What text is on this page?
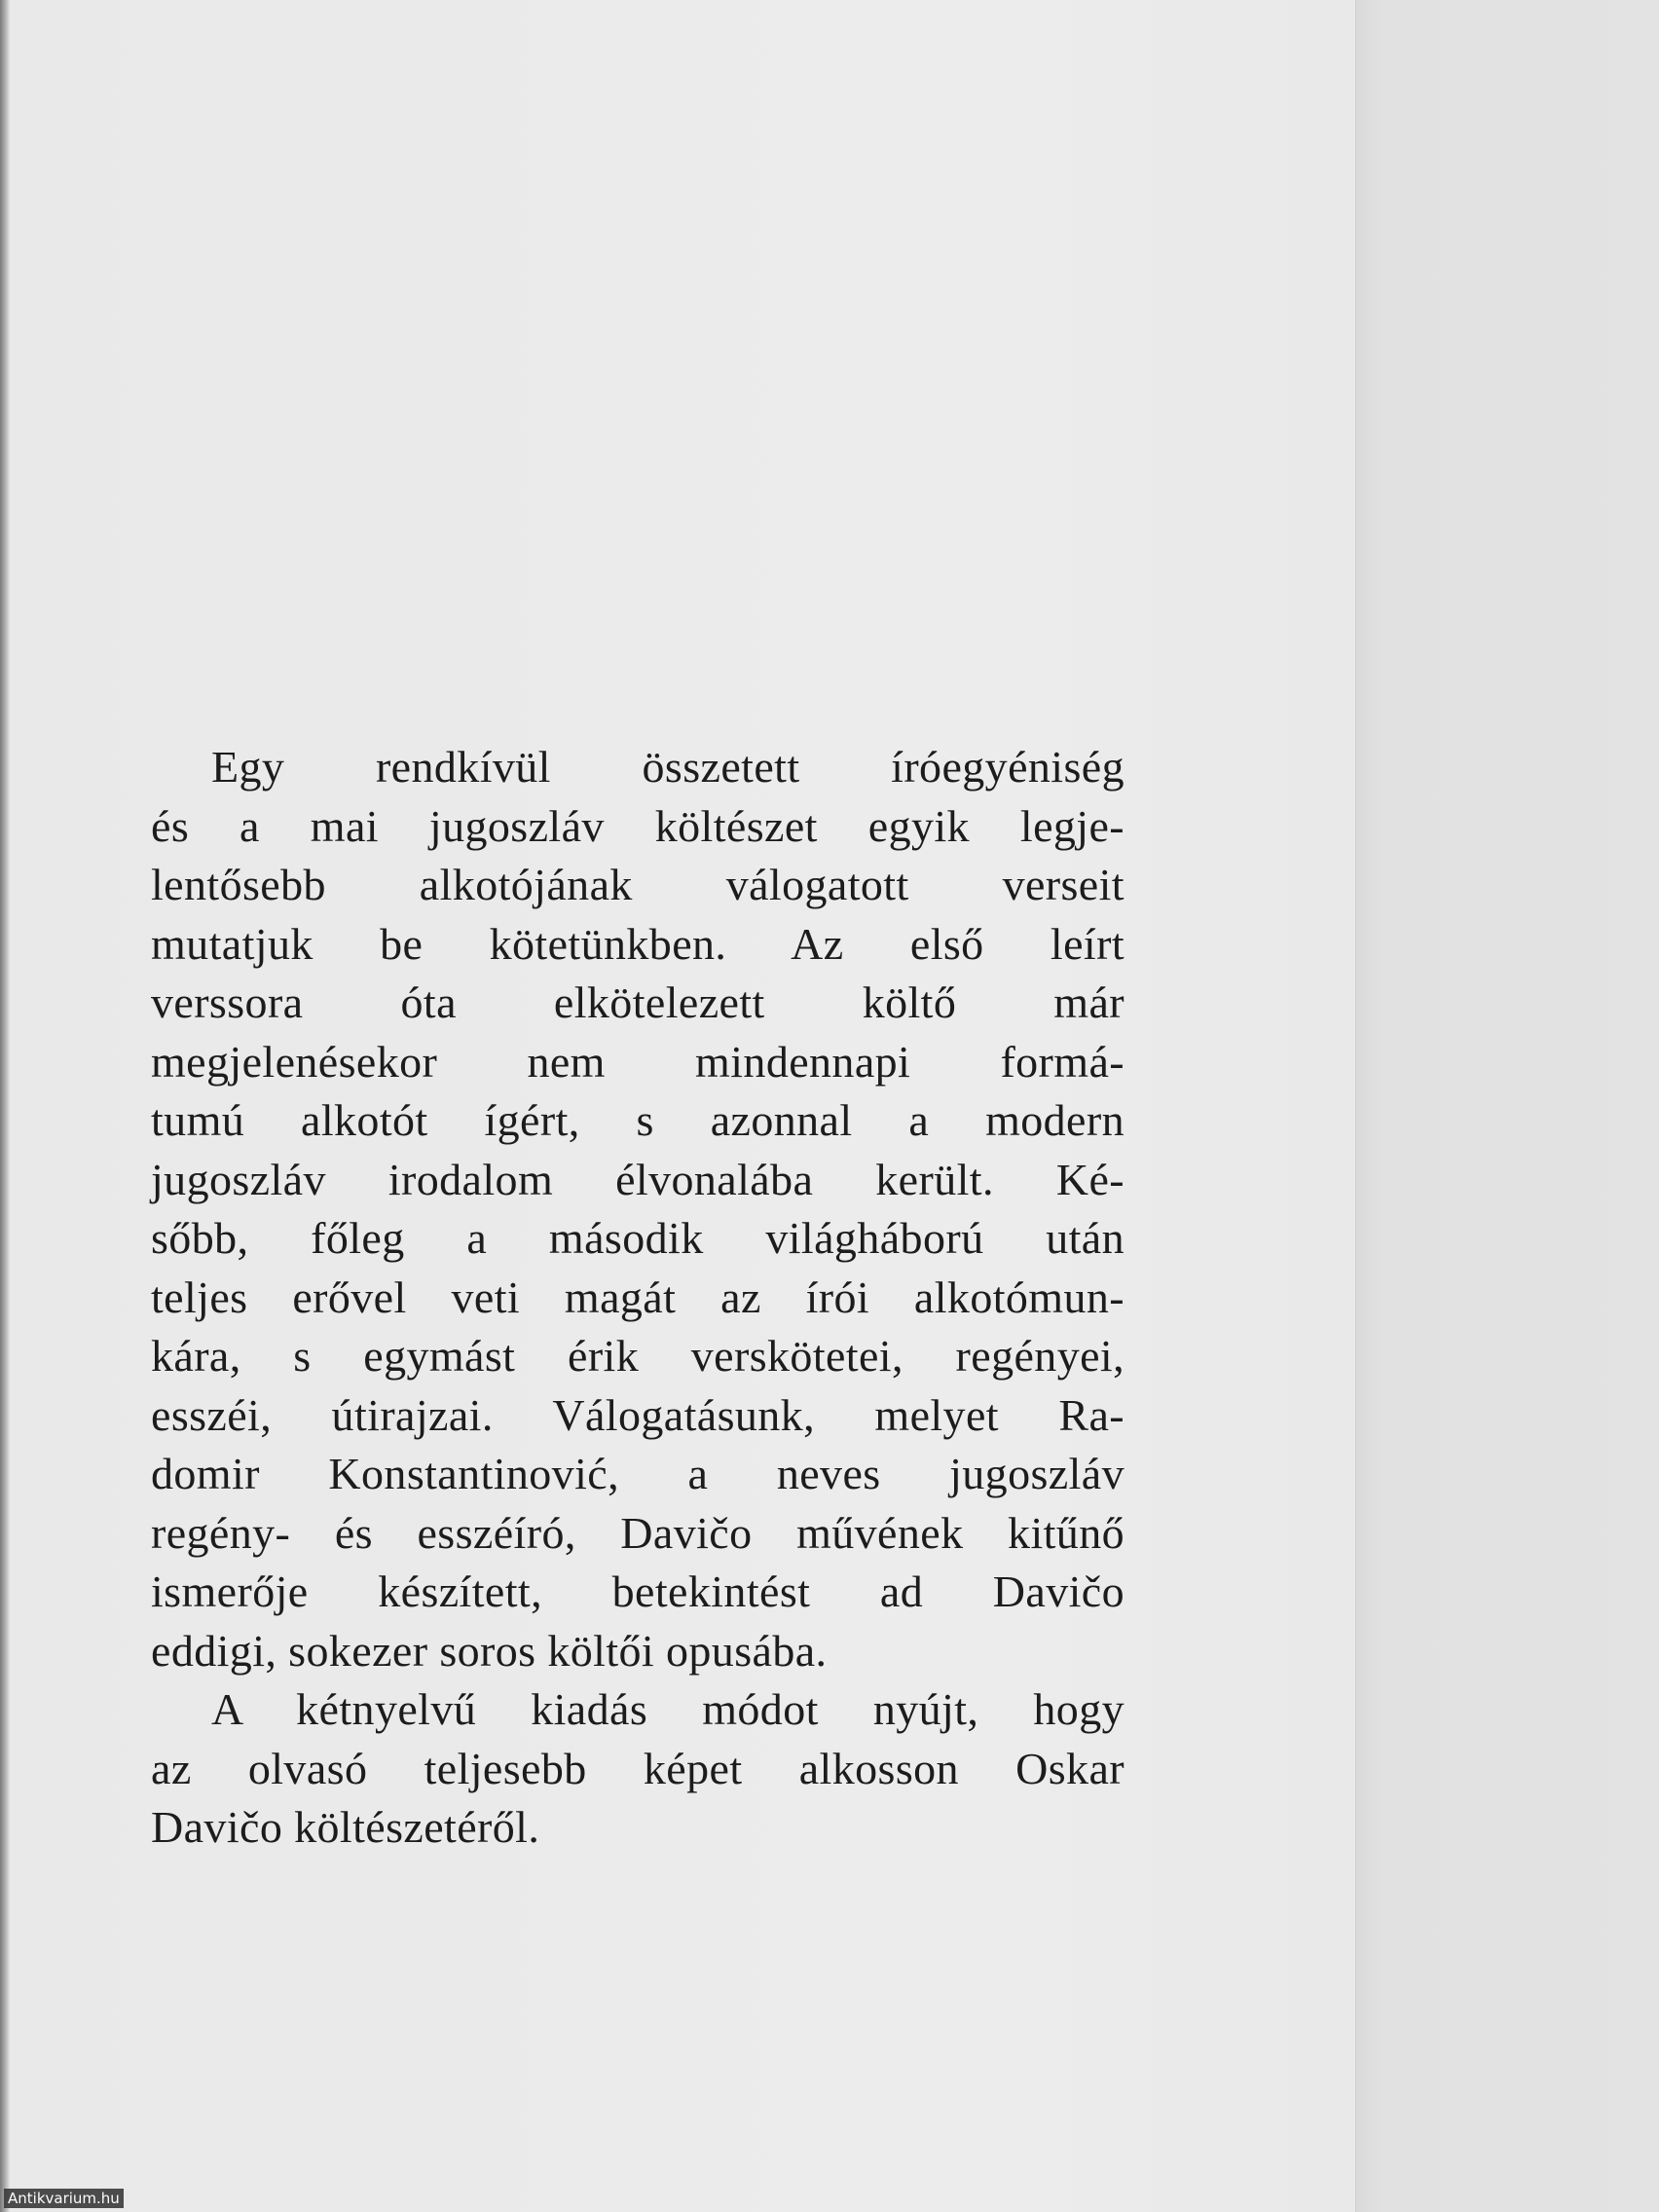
Egy rendkívül összetett íróegyéniség
és a mai jugoszláv költészet egyik legje-
lentősebb alkotójának válogatott verseit
mutatjuk be kötetünkben. Az első leírt
verssora óta elkötelezett költő már
megjelenésekor nem mindennapi formá-
tumú alkotót ígért, s azonnal a modern
jugoszláv irodalom élvonalába került. Ké-
sőbb, főleg a második világháború után
teljes erővel veti magát az írói alkotómun-
kára, s egymást érik verskötetei, regényei,
esszéi, útirajzai. Válogatásunk, melyet Ra-
domir Konstantinović, a neves jugoszláv
regény- és esszéíró, Davičo művének kitűnő
ismerője készített, betekintést ad Davičo
eddigi, sokezer soros költői opusába.
A kétnyelvű kiadás módot nyújt, hogy
az olvasó teljesebb képet alkosson Oskar
Davičo költészetéről.
Antikvarium.hu
